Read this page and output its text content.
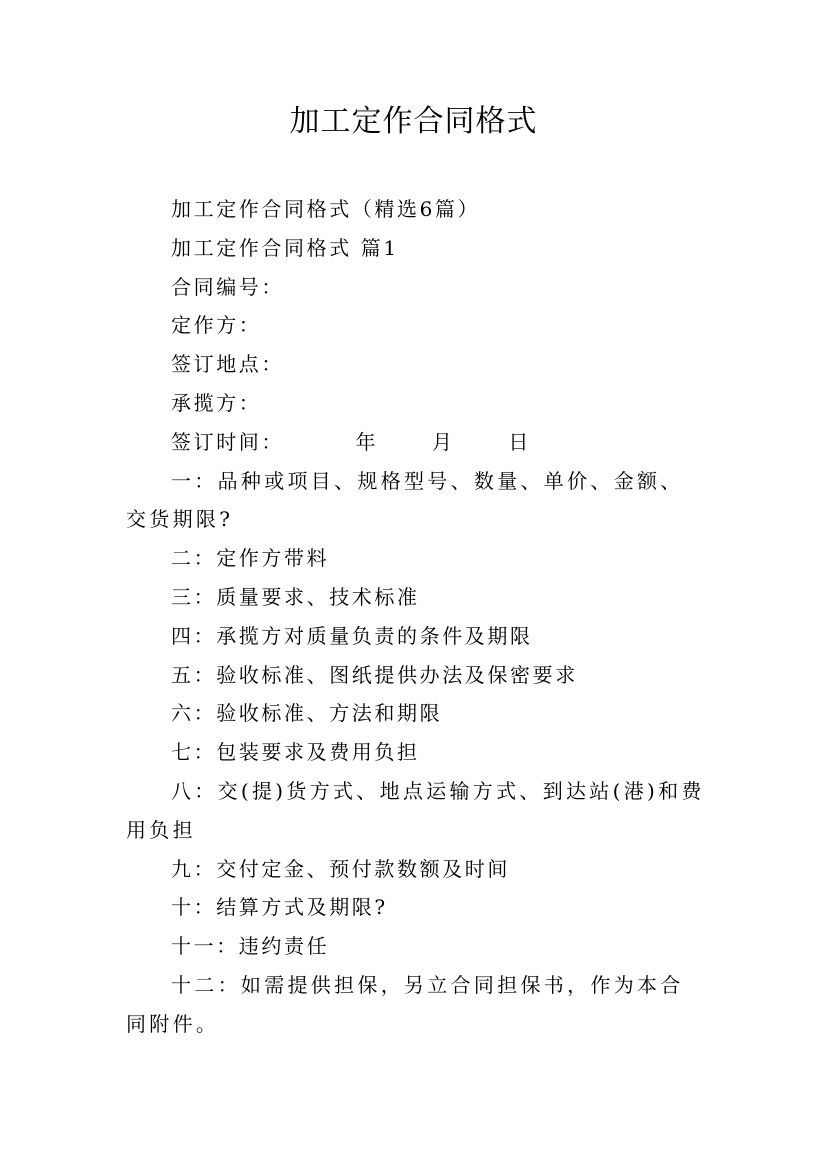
加工定作合同格式

加工定作合同格式（精选6篇）

加工定作合同格式 篇1

合同编号：

定作方：

签订地点：

承揽方：

签订时间：        年      月      日

一：品种或项目、规格型号、数量、单价、金额、交货期限?

二：定作方带料

三：质量要求、技术标准

四：承揽方对质量负责的条件及期限

五：验收标准、图纸提供办法及保密要求

六：验收标准、方法和期限

七：包装要求及费用负担

八：交(提)货方式、地点运输方式、到达站(港)和费用负担

九：交付定金、预付款数额及时间

十：结算方式及期限?

十一：违约责任

十二：如需提供担保，另立合同担保书，作为本合同附件。
